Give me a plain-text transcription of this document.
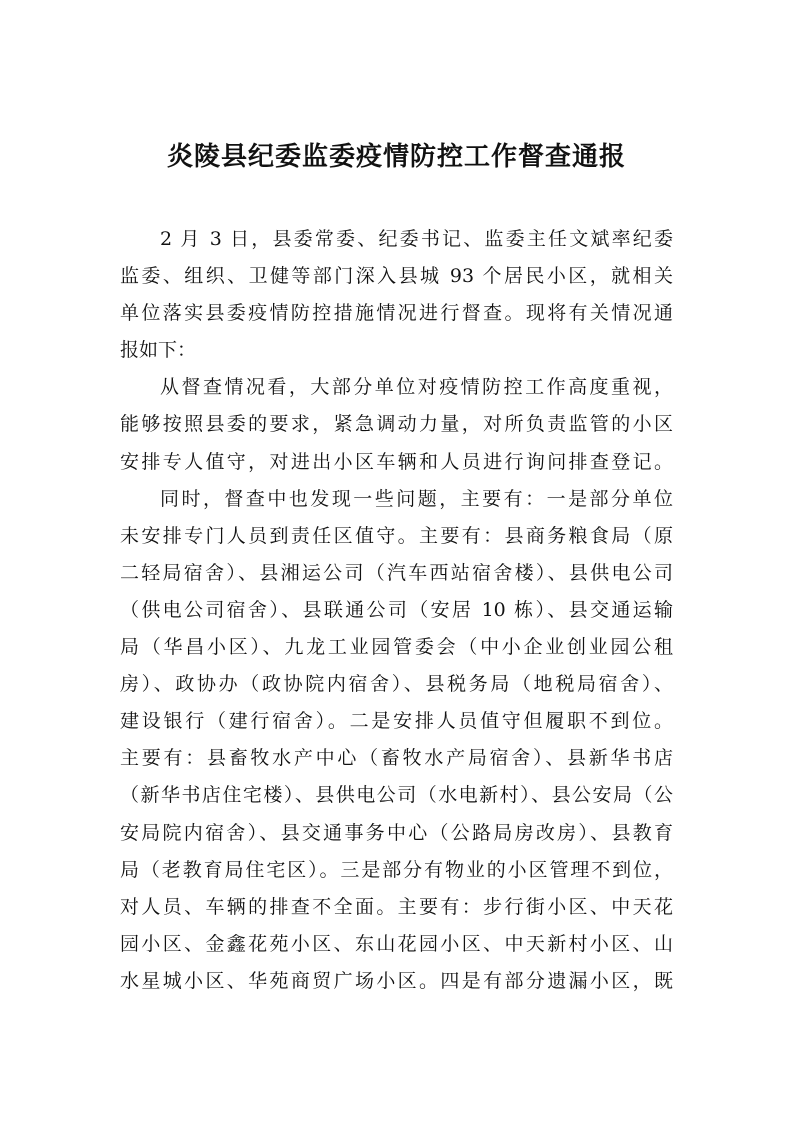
炎陵县纪委监委疫情防控工作督查通报
2 月 3 日，县委常委、纪委书记、监委主任文斌率纪委
监委、组织、卫健等部门深入县城 93 个居民小区，就相关
单位落实县委疫情防控措施情况进行督查。现将有关情况通
报如下：
从督查情况看，大部分单位对疫情防控工作高度重视，
能够按照县委的要求，紧急调动力量，对所负责监管的小区
安排专人值守，对进出小区车辆和人员进行询问排查登记。
同时，督查中也发现一些问题，主要有：一是部分单位
未安排专门人员到责任区值守。主要有：县商务粮食局（原
二轻局宿舍）、县湘运公司（汽车西站宿舍楼）、县供电公司
（供电公司宿舍）、县联通公司（安居 10 栋）、县交通运输
局（华昌小区）、九龙工业园管委会（中小企业创业园公租
房）、政协办（政协院内宿舍）、县税务局（地税局宿舍）、
建设银行（建行宿舍）。二是安排人员值守但履职不到位。
主要有：县畜牧水产中心（畜牧水产局宿舍）、县新华书店
（新华书店住宅楼）、县供电公司（水电新村）、县公安局（公
安局院内宿舍）、县交通事务中心（公路局房改房）、县教育
局（老教育局住宅区）。三是部分有物业的小区管理不到位，
对人员、车辆的排查不全面。主要有：步行街小区、中天花
园小区、金鑫花苑小区、东山花园小区、中天新村小区、山
水星城小区、华苑商贸广场小区。四是有部分遗漏小区，既
